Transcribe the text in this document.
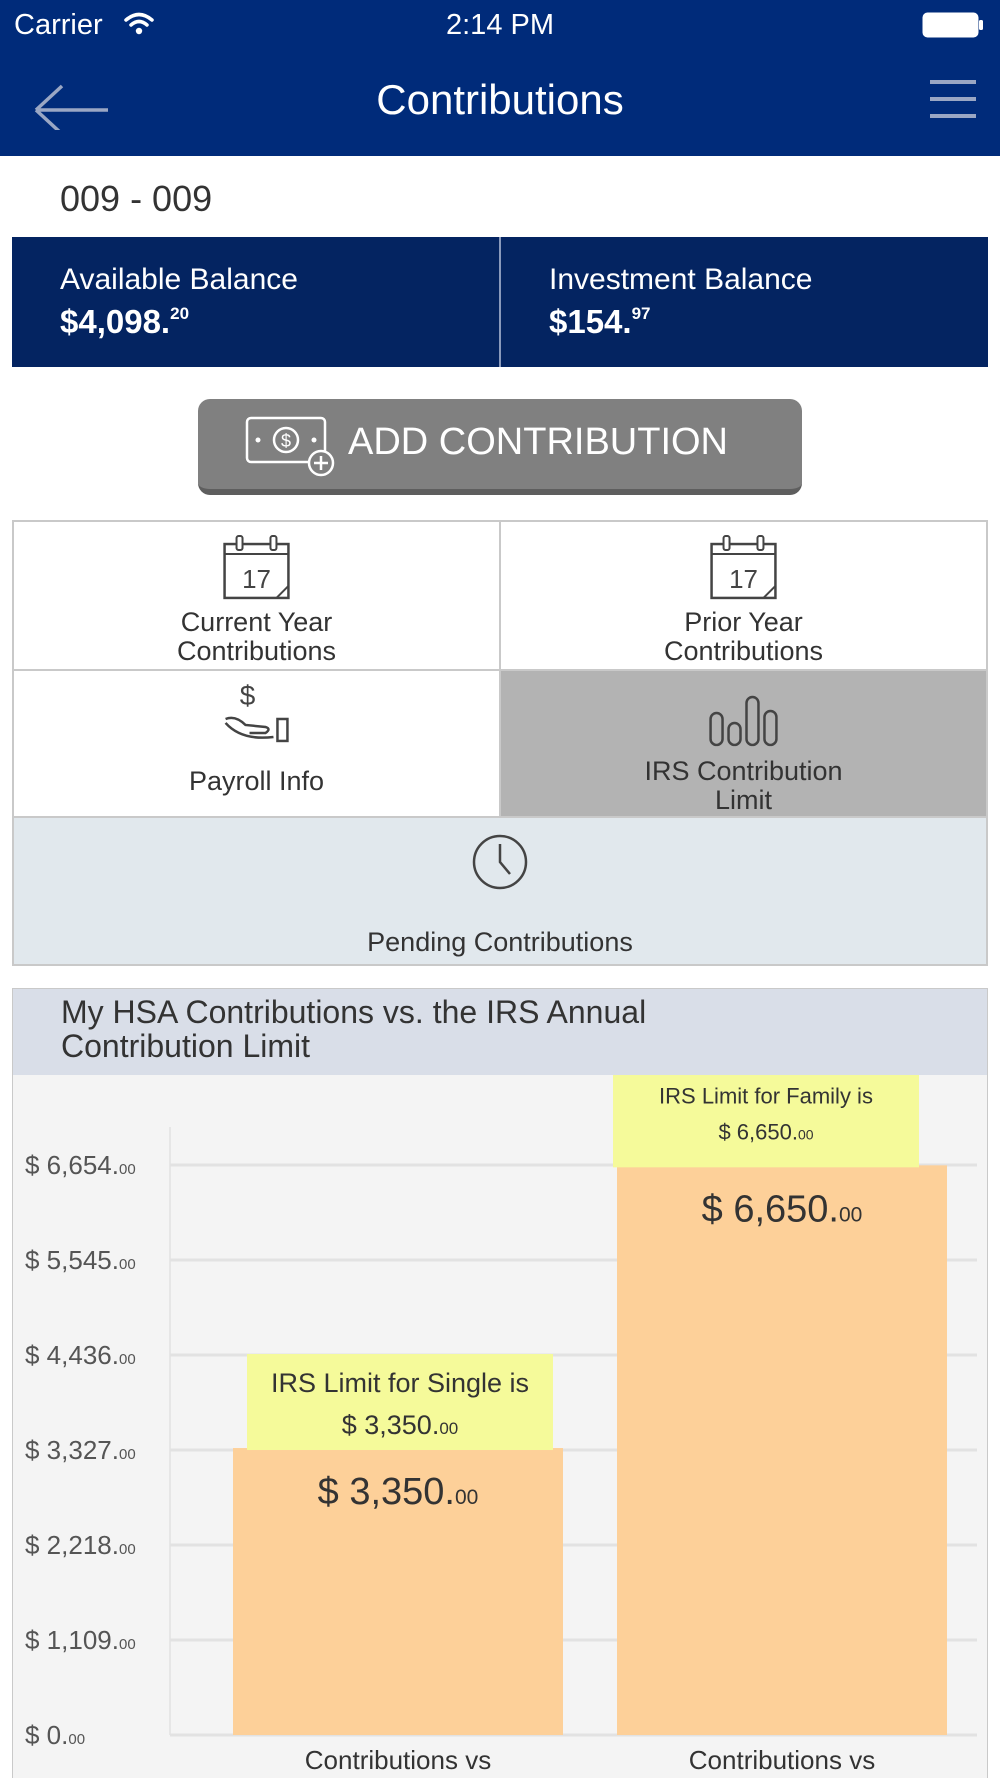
Carrier	2:14 PM
Contributions
009 - 009
Available Balance
$4,098.20
Investment Balance
$154.97
$ ADD CONTRIBUTION
17
Current Year
Contributions
17
Prior Year
Contributions
$
Payroll Info	IRS Contribution
Limit
Pending Contributions
My HSA Contributions vs. the IRS Annual
Contribution Limit
$ 6,654.00
$ 5,545.00
$ 4,436.00
$ 3,327.00
$ 2,218.00
$ 1,109.00
$ 0.00
$ 3,350.00
IRS Limit for Single is
$ 3,350.00
Contributions vs
$ 6,650.00
IRS Limit for Family is
$ 6,650.00
Contributions vs
